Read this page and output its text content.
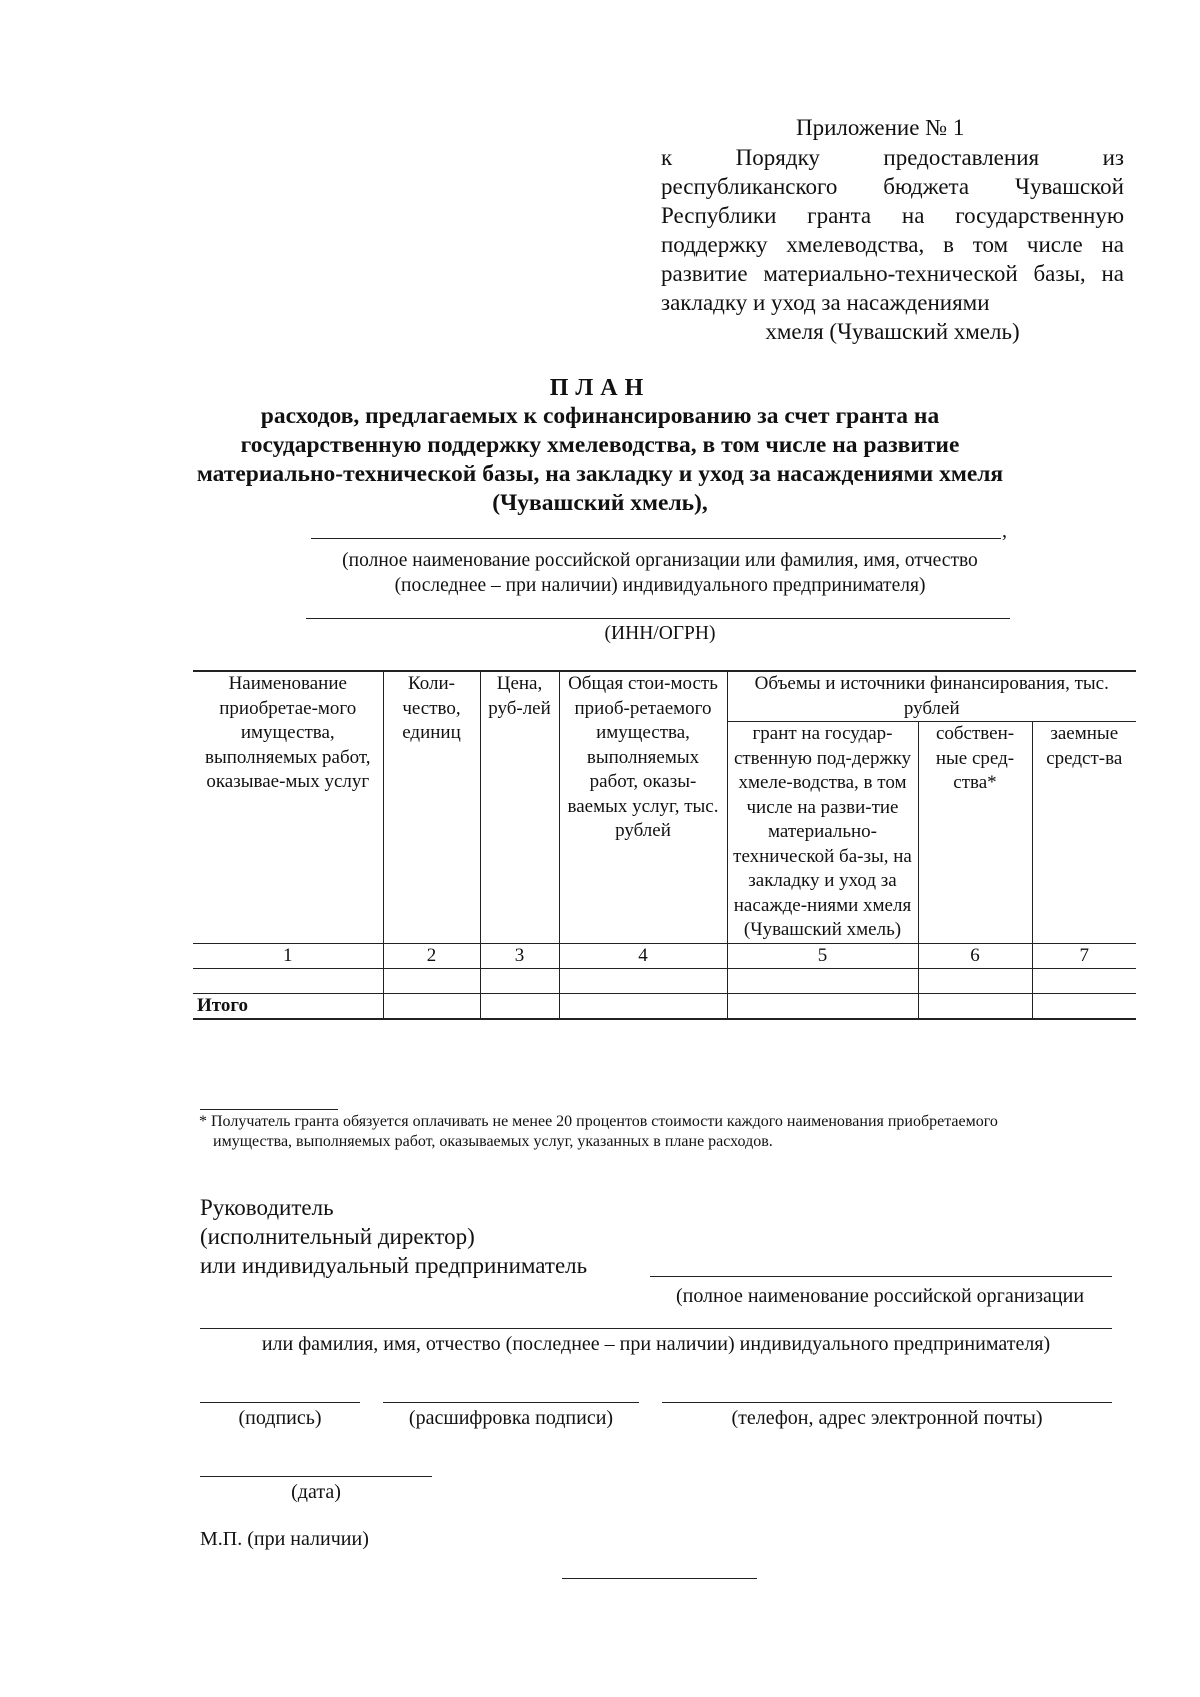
Приложение № 1
к Порядку предоставления из республиканского бюджета Чувашской Республики гранта на государственную поддержку хмелеводства, в том числе на развитие материально-технической базы, на закладку и уход за насаждениями
хмеля (Чувашский хмель)
ПЛАН
расходов, предлагаемых к софинансированию за счет гранта на
государственную поддержку хмелеводства, в том числе на развитие
материально-технической базы, на закладку и уход за насаждениями хмеля
(Чувашский хмель),
,
(полное наименование российской организации или фамилия, имя, отчество
(последнее – при наличии) индивидуального предпринимателя)
(ИНН/ОГРН)
Наименование приобретае-мого имущества, выполняемых работ, оказывае-мых услуг	Коли-чество, единиц	Цена, руб-лей	Общая стои-мость приоб-ретаемого имущества, выполняемых работ, оказы-ваемых услуг, тыс. рублей	Объемы и источники финансирования, тыс. рублей		
				грант на государ-ственную под-держку хмеле-водства, в том числе на разви-тие материально-технической ба-зы, на закладку и уход за насажде-ниями хмеля (Чувашский хмель)	собствен-ные сред-ства*	заемные средст-ва
1	2	3	4	5	6	7

Итого						
* Получатель гранта обязуется оплачивать не менее 20 процентов стоимости каждого наименования приобретаемого
имущества, выполняемых работ, оказываемых услуг, указанных в плане расходов.
Руководитель
(исполнительный директор)
или индивидуальный предприниматель
(полное наименование российской организации
или фамилия, имя, отчество (последнее – при наличии) индивидуального предпринимателя)
(подпись)	(расшифровка подписи)	(телефон, адрес электронной почты)
(дата)
М.П. (при наличии)
